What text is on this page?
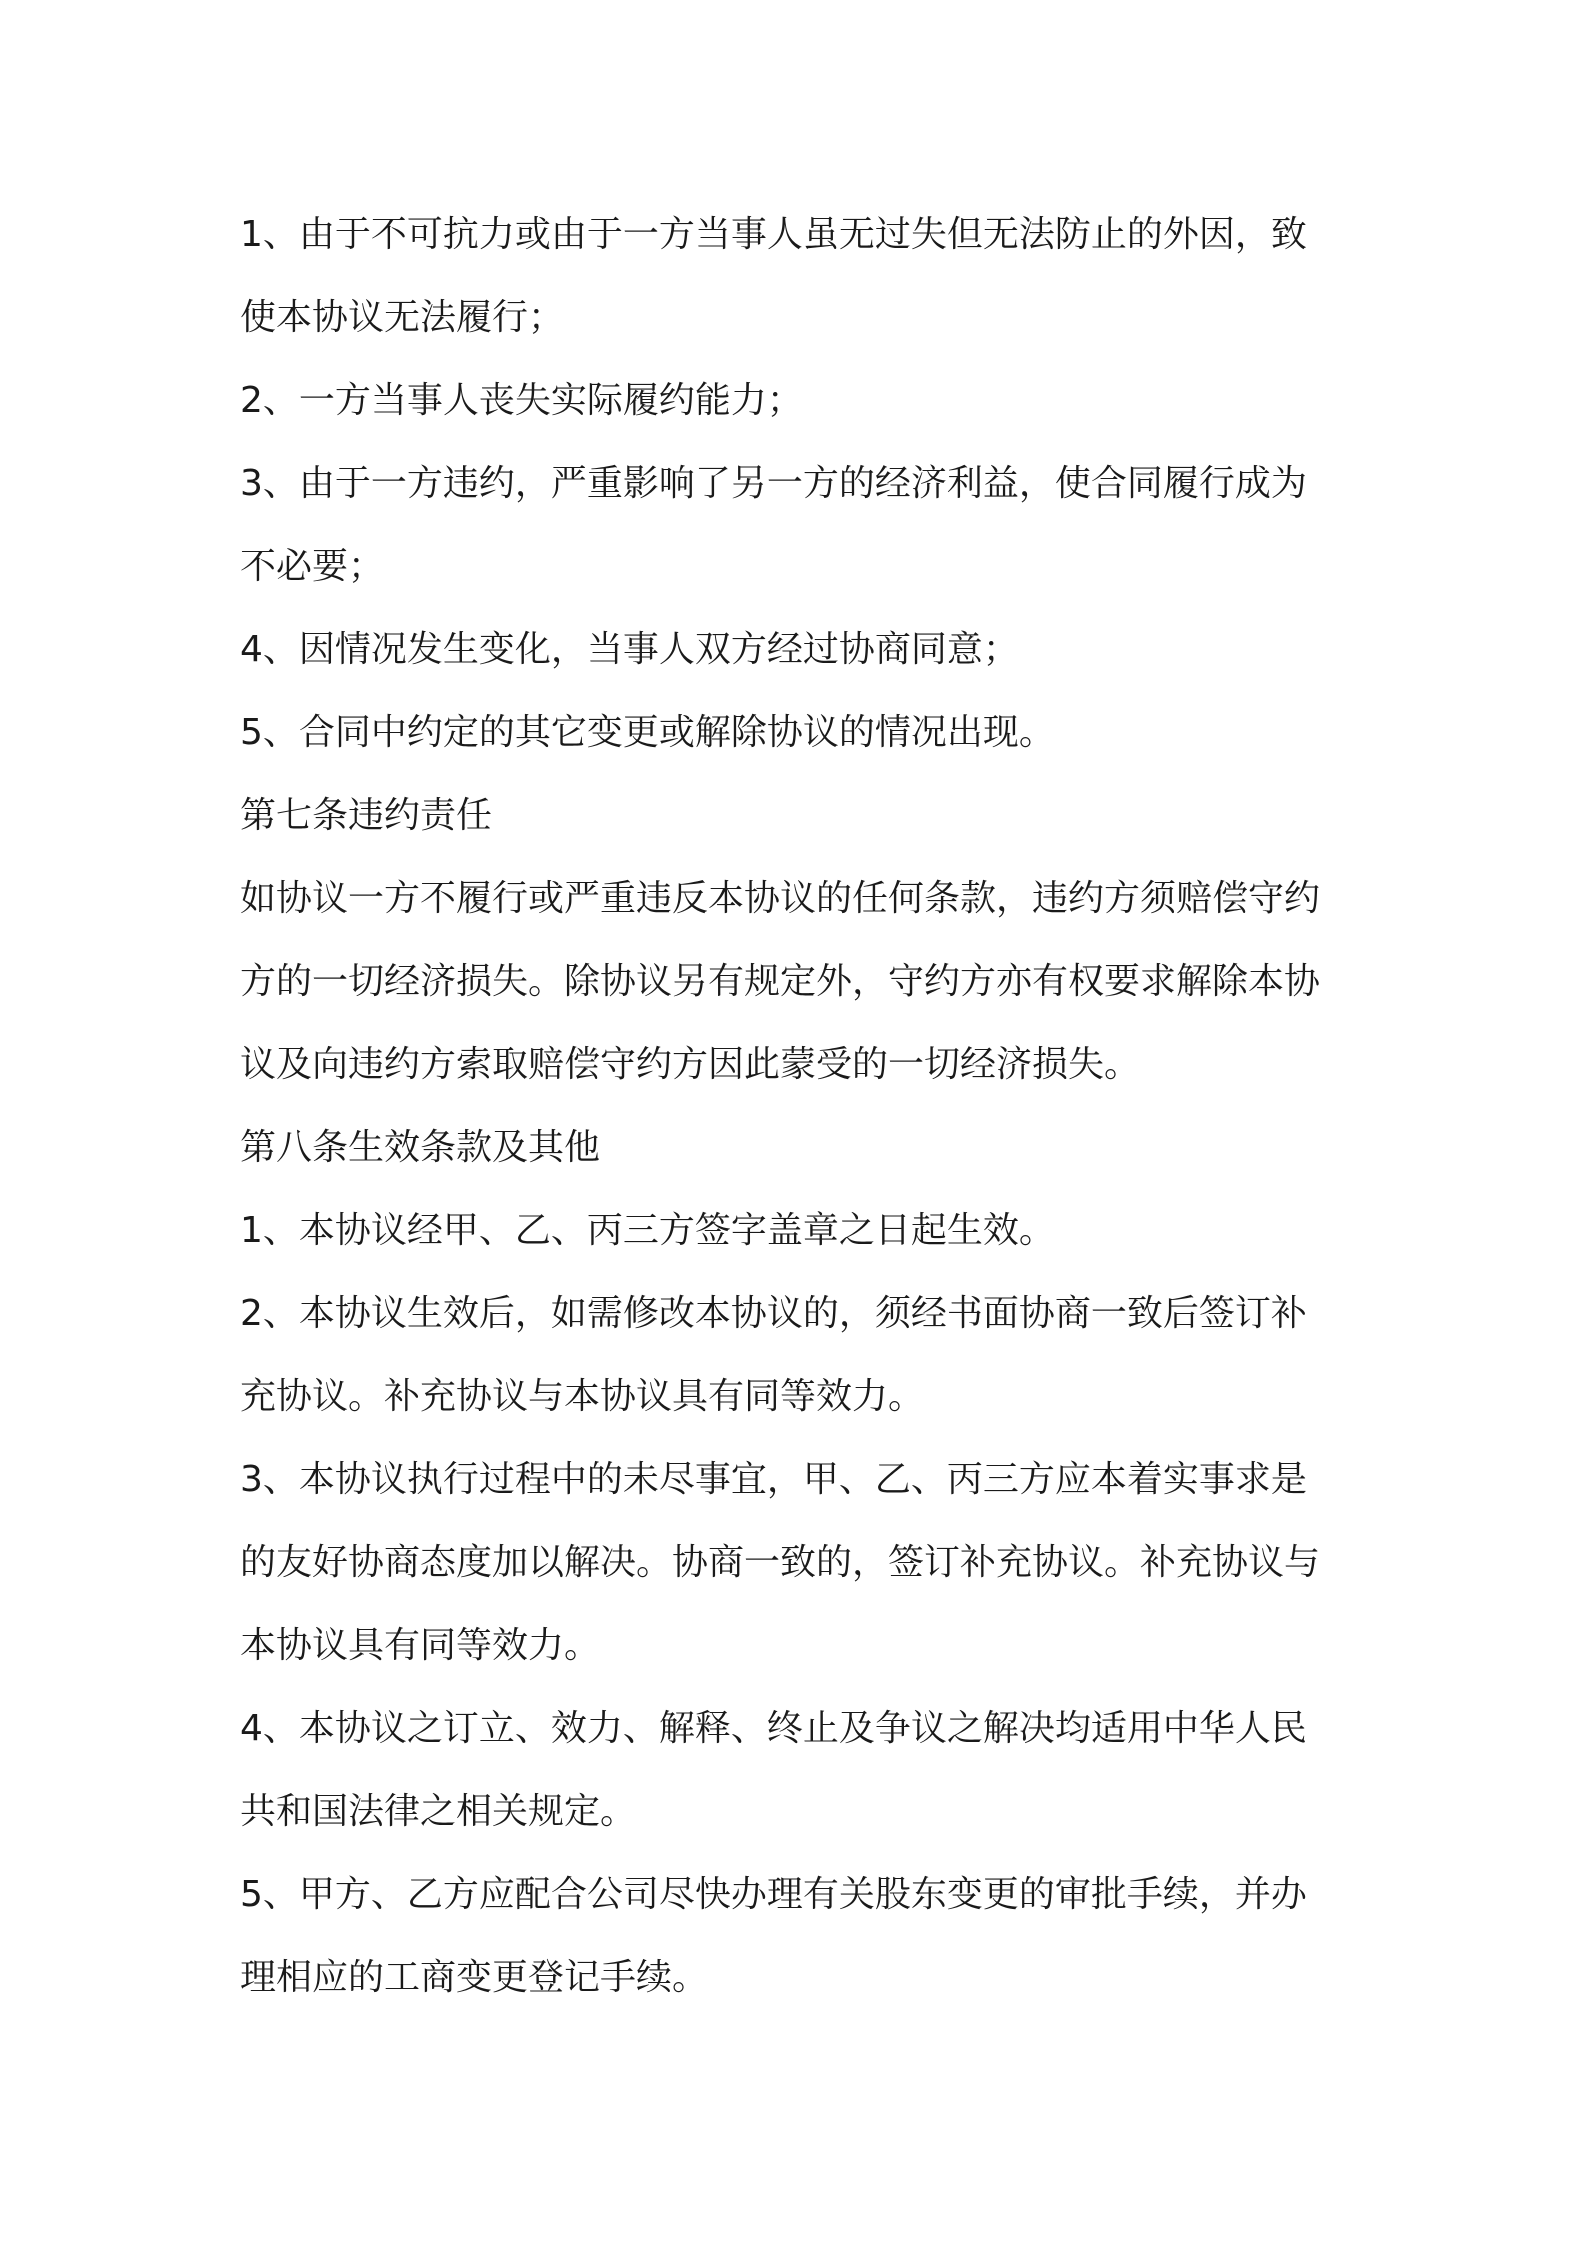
1、由于不可抗力或由于一方当事人虽无过失但无法防止的外因，致
使本协议无法履行；
2、一方当事人丧失实际履约能力；
3、由于一方违约，严重影响了另一方的经济利益，使合同履行成为
不必要；
4、因情况发生变化，当事人双方经过协商同意；
5、合同中约定的其它变更或解除协议的情况出现。
第七条违约责任
如协议一方不履行或严重违反本协议的任何条款，违约方须赔偿守约
方的一切经济损失。除协议另有规定外，守约方亦有权要求解除本协
议及向违约方索取赔偿守约方因此蒙受的一切经济损失。
第八条生效条款及其他
1、本协议经甲、乙、丙三方签字盖章之日起生效。
2、本协议生效后，如需修改本协议的，须经书面协商一致后签订补
充协议。补充协议与本协议具有同等效力。
3、本协议执行过程中的未尽事宜，甲、乙、丙三方应本着实事求是
的友好协商态度加以解决。协商一致的，签订补充协议。补充协议与
本协议具有同等效力。
4、本协议之订立、效力、解释、终止及争议之解决均适用中华人民
共和国法律之相关规定。
5、甲方、乙方应配合公司尽快办理有关股东变更的审批手续，并办
理相应的工商变更登记手续。
